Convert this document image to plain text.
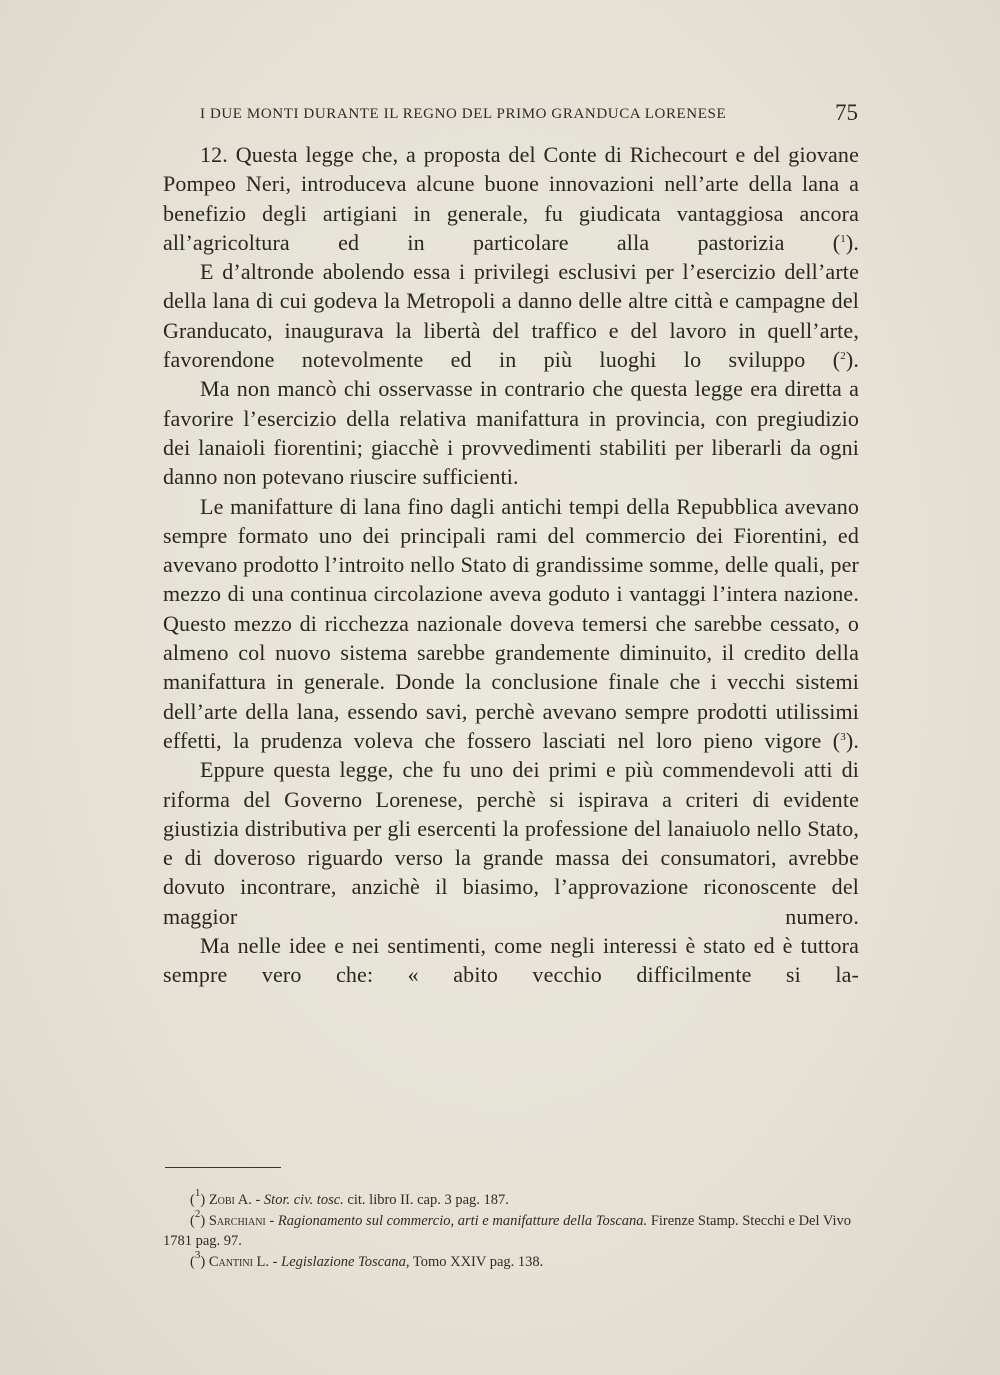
I DUE MONTI DURANTE IL REGNO DEL PRIMO GRANDUCA LORENESE	75

12. Questa legge che, a proposta del Conte di Richecourt e del giovane Pompeo Neri, introduceva alcune buone innovazioni nell’arte della lana a benefizio degli artigiani in generale, fu giudicata vantaggiosa ancora all’agricoltura ed in particolare alla pastorizia ($^1$).

E d’altronde abolendo essa i privilegi esclusivi per l’esercizio dell’arte della lana di cui godeva la Metropoli a danno delle altre città e campagne del Granducato, inaugurava la libertà del traffico e del lavoro in quell’arte, favorendone notevolmente ed in più luoghi lo sviluppo ($^2$).

Ma non mancò chi osservasse in contrario che questa legge era diretta a favorire l’esercizio della relativa manifattura in provincia, con pregiudizio dei lanaioli fiorentini; giacchè i provvedimenti stabiliti per liberarli da ogni danno non potevano riuscire sufficienti.

Le manifatture di lana fino dagli antichi tempi della Repubblica avevano sempre formato uno dei principali rami del commercio dei Fiorentini, ed avevano prodotto l’introito nello Stato di grandissime somme, delle quali, per mezzo di una continua circolazione aveva goduto i vantaggi l’intera nazione. Questo mezzo di ricchezza nazionale doveva temersi che sarebbe cessato, o almeno col nuovo sistema sarebbe grandemente diminuito, il credito della manifattura in generale. Donde la conclusione finale che i vecchi sistemi dell’arte della lana, essendo savi, perchè avevano sempre prodotti utilissimi effetti, la prudenza voleva che fossero lasciati nel loro pieno vigore ($^3$).

Eppure questa legge, che fu uno dei primi e più commendevoli atti di riforma del Governo Lorenese, perchè si ispirava a criteri di evidente giustizia distributiva per gli esercenti la professione del lanaiuolo nello Stato, e di doveroso riguardo verso la grande massa dei consumatori, avrebbe dovuto incontrare, anzichè il biasimo, l’approvazione riconoscente del maggior numero.

Ma nelle idee e nei sentimenti, come negli interessi è stato ed è tuttora sempre vero che: « abito vecchio difficilmente si la-

($^1$) Zobi A. - Stor. civ. tosc. cit. libro II. cap. 3 pag. 187.

($^2$) Sarchiani - Ragionamento sul commercio, arti e manifatture della Toscana. Firenze Stamp. Stecchi e Del Vivo 1781 pag. 97.

($^3$) Cantini L. - Legislazione Toscana, Tomo XXIV pag. 138.
